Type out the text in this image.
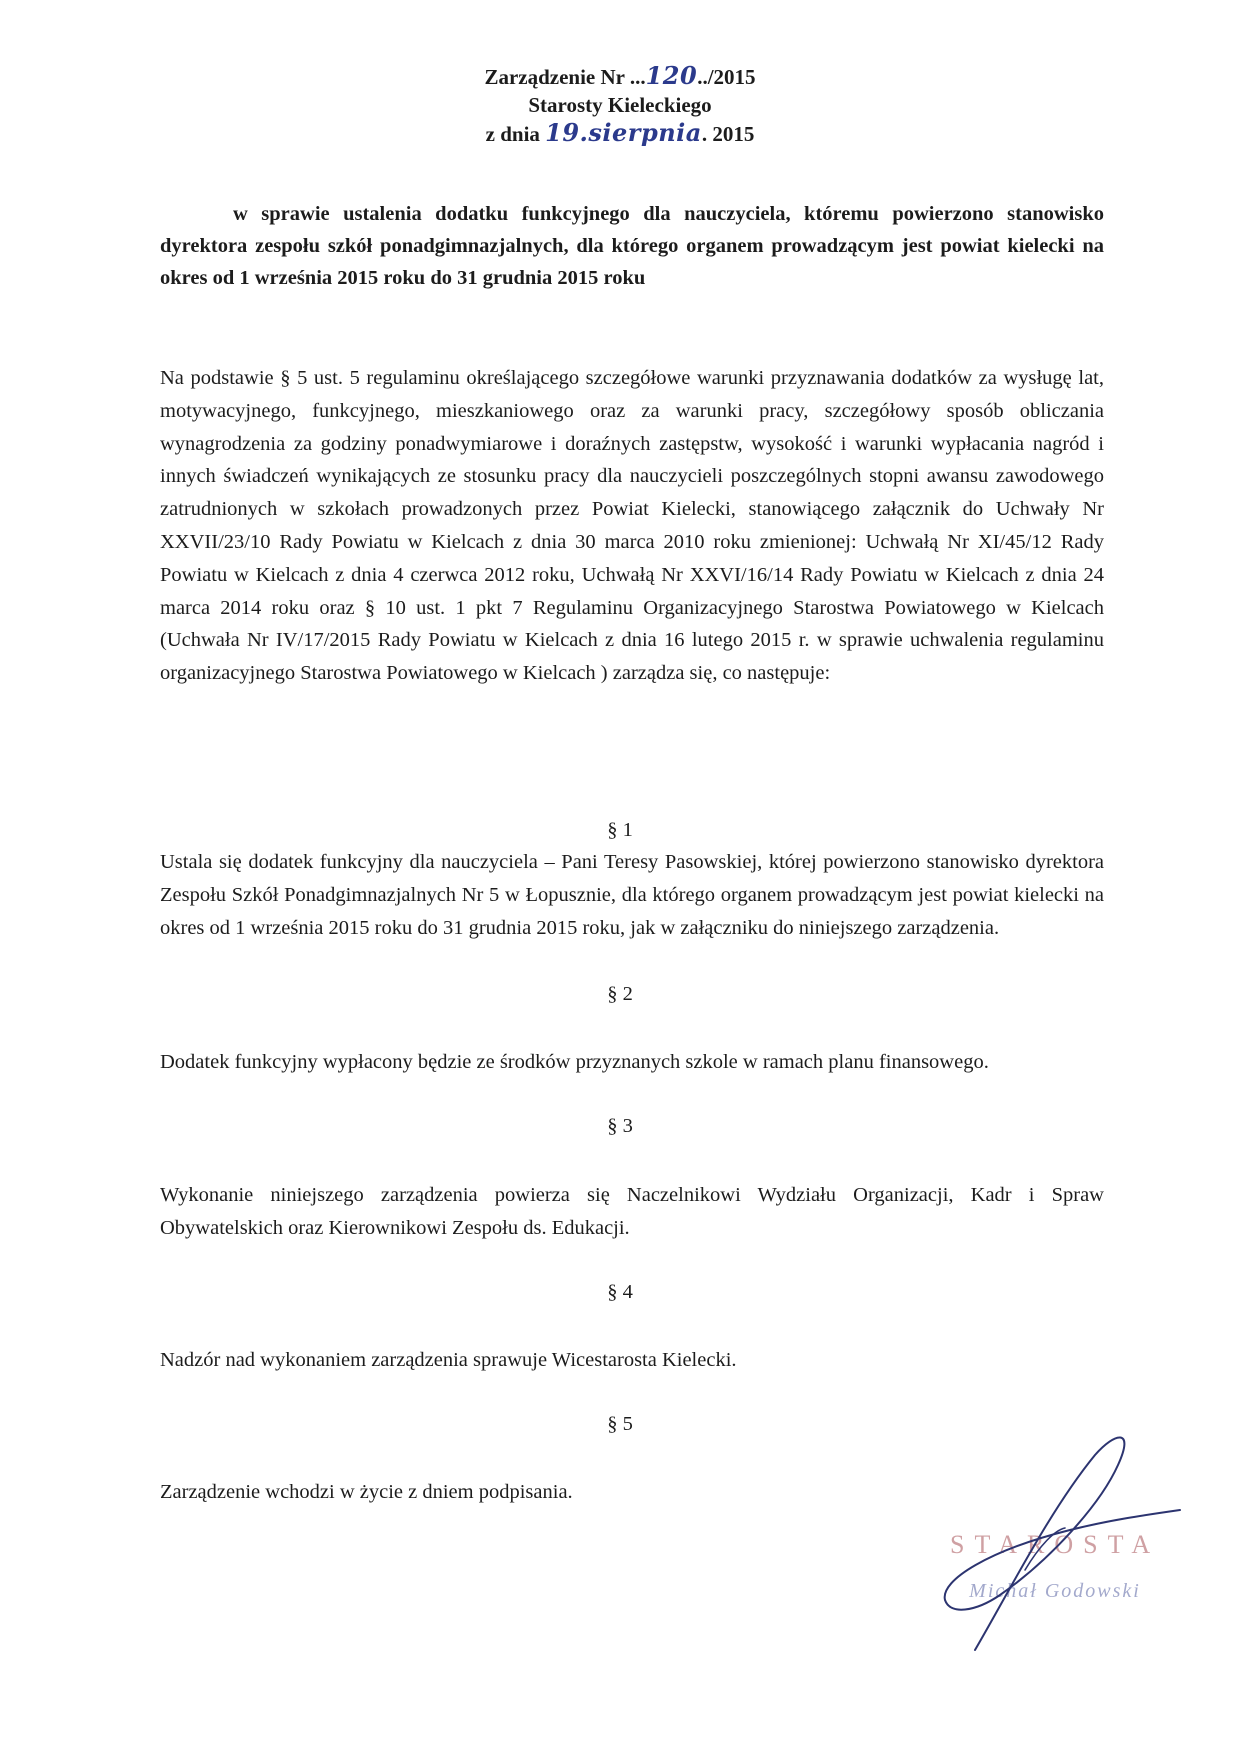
Zarządzenie Nr ...120../2015
Starosty Kieleckiego
z dnia 19.sierpnia. 2015
w sprawie ustalenia dodatku funkcyjnego dla nauczyciela, któremu powierzono stanowisko dyrektora zespołu szkół ponadgimnazjalnych, dla którego organem prowadzącym jest powiat kielecki na okres od 1 września 2015 roku do 31 grudnia 2015 roku
Na podstawie § 5 ust. 5 regulaminu określającego szczegółowe warunki przyznawania dodatków za wysługę lat, motywacyjnego, funkcyjnego, mieszkaniowego oraz za warunki pracy, szczegółowy sposób obliczania wynagrodzenia za godziny ponadwymiarowe i doraźnych zastępstw, wysokość i warunki wypłacania nagród i innych świadczeń wynikających ze stosunku pracy dla nauczycieli poszczególnych stopni awansu zawodowego zatrudnionych w szkołach prowadzonych przez Powiat Kielecki, stanowiącego załącznik do Uchwały Nr XXVII/23/10 Rady Powiatu w Kielcach z dnia 30 marca 2010 roku zmienionej: Uchwałą Nr XI/45/12 Rady Powiatu w Kielcach z dnia 4 czerwca 2012 roku, Uchwałą Nr XXVI/16/14 Rady Powiatu w Kielcach z dnia 24 marca 2014 roku oraz § 10 ust. 1 pkt 7 Regulaminu Organizacyjnego Starostwa Powiatowego w Kielcach (Uchwała Nr IV/17/2015 Rady Powiatu w Kielcach z dnia 16 lutego 2015 r. w sprawie uchwalenia regulaminu organizacyjnego Starostwa Powiatowego w Kielcach ) zarządza się, co następuje:
§ 1
Ustala się dodatek funkcyjny dla nauczyciela – Pani Teresy Pasowskiej, której powierzono stanowisko dyrektora Zespołu Szkół Ponadgimnazjalnych Nr 5 w Łopusznie, dla którego organem prowadzącym jest powiat kielecki na okres od 1 września 2015 roku do 31 grudnia 2015 roku, jak w załączniku do niniejszego zarządzenia.
§ 2
Dodatek funkcyjny wypłacony będzie ze środków przyznanych szkole w ramach planu finansowego.
§ 3
Wykonanie niniejszego zarządzenia powierza się Naczelnikowi Wydziału Organizacji, Kadr i Spraw Obywatelskich oraz Kierownikowi Zespołu ds. Edukacji.
§ 4
Nadzór nad wykonaniem zarządzenia sprawuje Wicestarosta Kielecki.
§ 5
Zarządzenie wchodzi w życie z dniem podpisania.
STAROSTA
Michał Godowski
